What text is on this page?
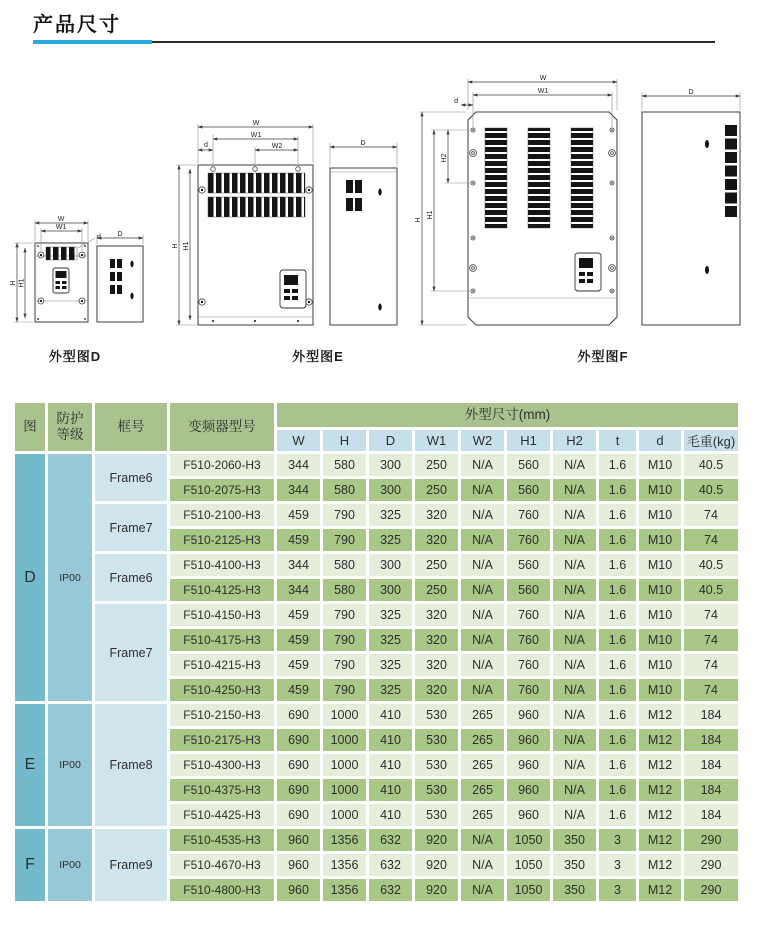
产品尺寸
W
W1
d
H H1
D
外型图D
W
W1
W2
d
H H1
D
外型图E
W
W1
d
H
H1
H2
D
外型图F
图	防护
等级	框号	变频器型号	外型尺寸(mm)									
				W	H	D	W1	W2	H1	H2	t	d	毛重(kg)
D	IP00	Frame6	F510-2060-H3	344	580	300	250	N/A	560	N/A	1.6	M10	40.5
			F510-2075-H3	344	580	300	250	N/A	560	N/A	1.6	M10	40.5
		Frame7	F510-2100-H3	459	790	325	320	N/A	760	N/A	1.6	M10	74
			F510-2125-H3	459	790	325	320	N/A	760	N/A	1.6	M10	74
		Frame6	F510-4100-H3	344	580	300	250	N/A	560	N/A	1.6	M10	40.5
			F510-4125-H3	344	580	300	250	N/A	560	N/A	1.6	M10	40.5
		Frame7	F510-4150-H3	459	790	325	320	N/A	760	N/A	1.6	M10	74
			F510-4175-H3	459	790	325	320	N/A	760	N/A	1.6	M10	74
			F510-4215-H3	459	790	325	320	N/A	760	N/A	1.6	M10	74
			F510-4250-H3	459	790	325	320	N/A	760	N/A	1.6	M10	74
E	IP00	Frame8	F510-2150-H3	690	1000	410	530	265	960	N/A	1.6	M12	184
			F510-2175-H3	690	1000	410	530	265	960	N/A	1.6	M12	184
			F510-4300-H3	690	1000	410	530	265	960	N/A	1.6	M12	184
			F510-4375-H3	690	1000	410	530	265	960	N/A	1.6	M12	184
			F510-4425-H3	690	1000	410	530	265	960	N/A	1.6	M12	184
F	IP00	Frame9	F510-4535-H3	960	1356	632	920	N/A	1050	350	3	M12	290
			F510-4670-H3	960	1356	632	920	N/A	1050	350	3	M12	290
			F510-4800-H3	960	1356	632	920	N/A	1050	350	3	M12	290
